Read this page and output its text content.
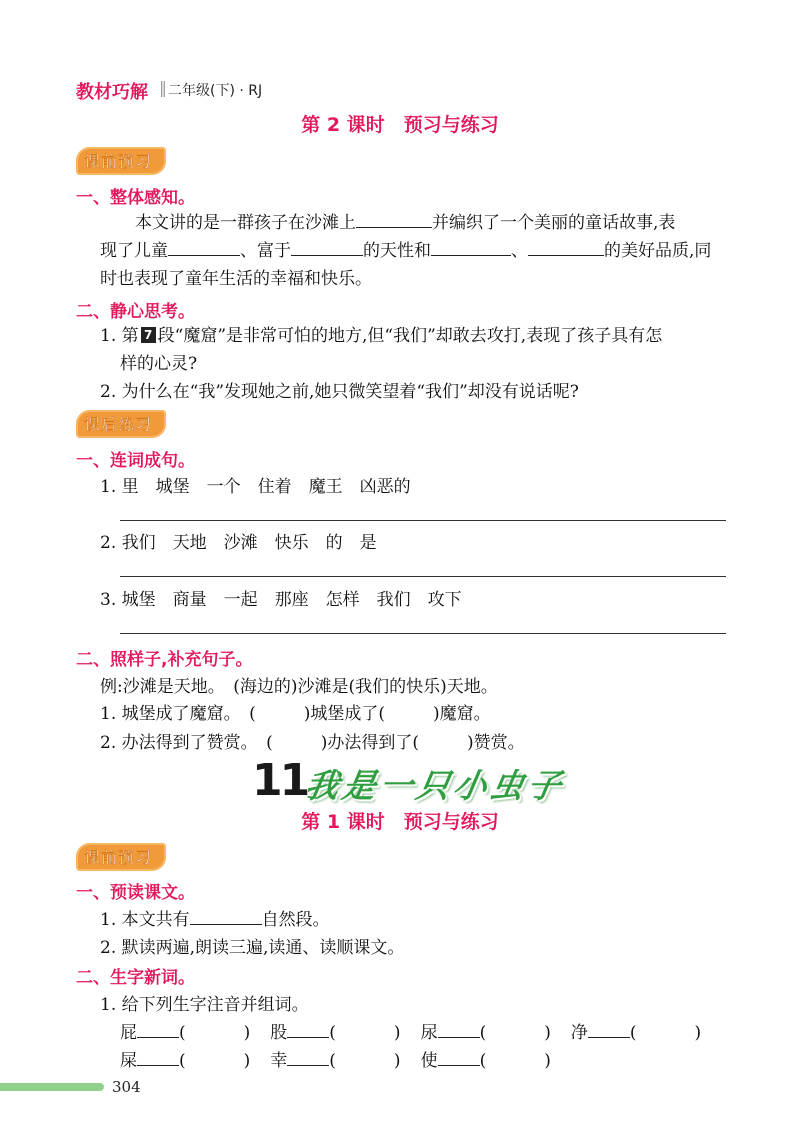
教材巧解 ‖ 二年级(下) · RJ
第 2 课时　预习与练习
课前预习
一、整体感知。
本文讲的是一群孩子在沙滩上	并编织了一个美丽的童话故事,表
现了儿童	、富于	的天性和	、	的美好品质,同
时也表现了童年生活的幸福和快乐。
二、静心思考。
1. 第 7 段“魔窟”是非常可怕的地方,但“我们”却敢去攻打,表现了孩子具有怎
样的心灵?
2. 为什么在“我”发现她之前,她只微笑望着“我们”却没有说话呢?
课后练习
一、连词成句。
1. 里　城堡　一个　住着　魔王　凶恶的
2. 我们　天地　沙滩　快乐　的　是
3. 城堡　商量　一起　那座　怎样　我们　攻下
二、照样子,补充句子。
例:沙滩是天地。　(海边的)沙滩是(我们的快乐)天地。
1. 城堡成了魔窟。　(	)城堡成了(	)魔窟。
2. 办法得到了赞赏。　(	)办法得到了(	)赞赏。
11
我是一只小虫子
第 1 课时　预习与练习
课前预习
一、预读课文。
1. 本文共有	自然段。
2. 默读两遍,朗读三遍,读通、读顺课文。
二、生字新词。
1. 给下列生字注音并组词。
屁 (	) 股 (	) 尿 (	) 净 (	)
屎 (	) 幸 (	) 使 (	)
304
